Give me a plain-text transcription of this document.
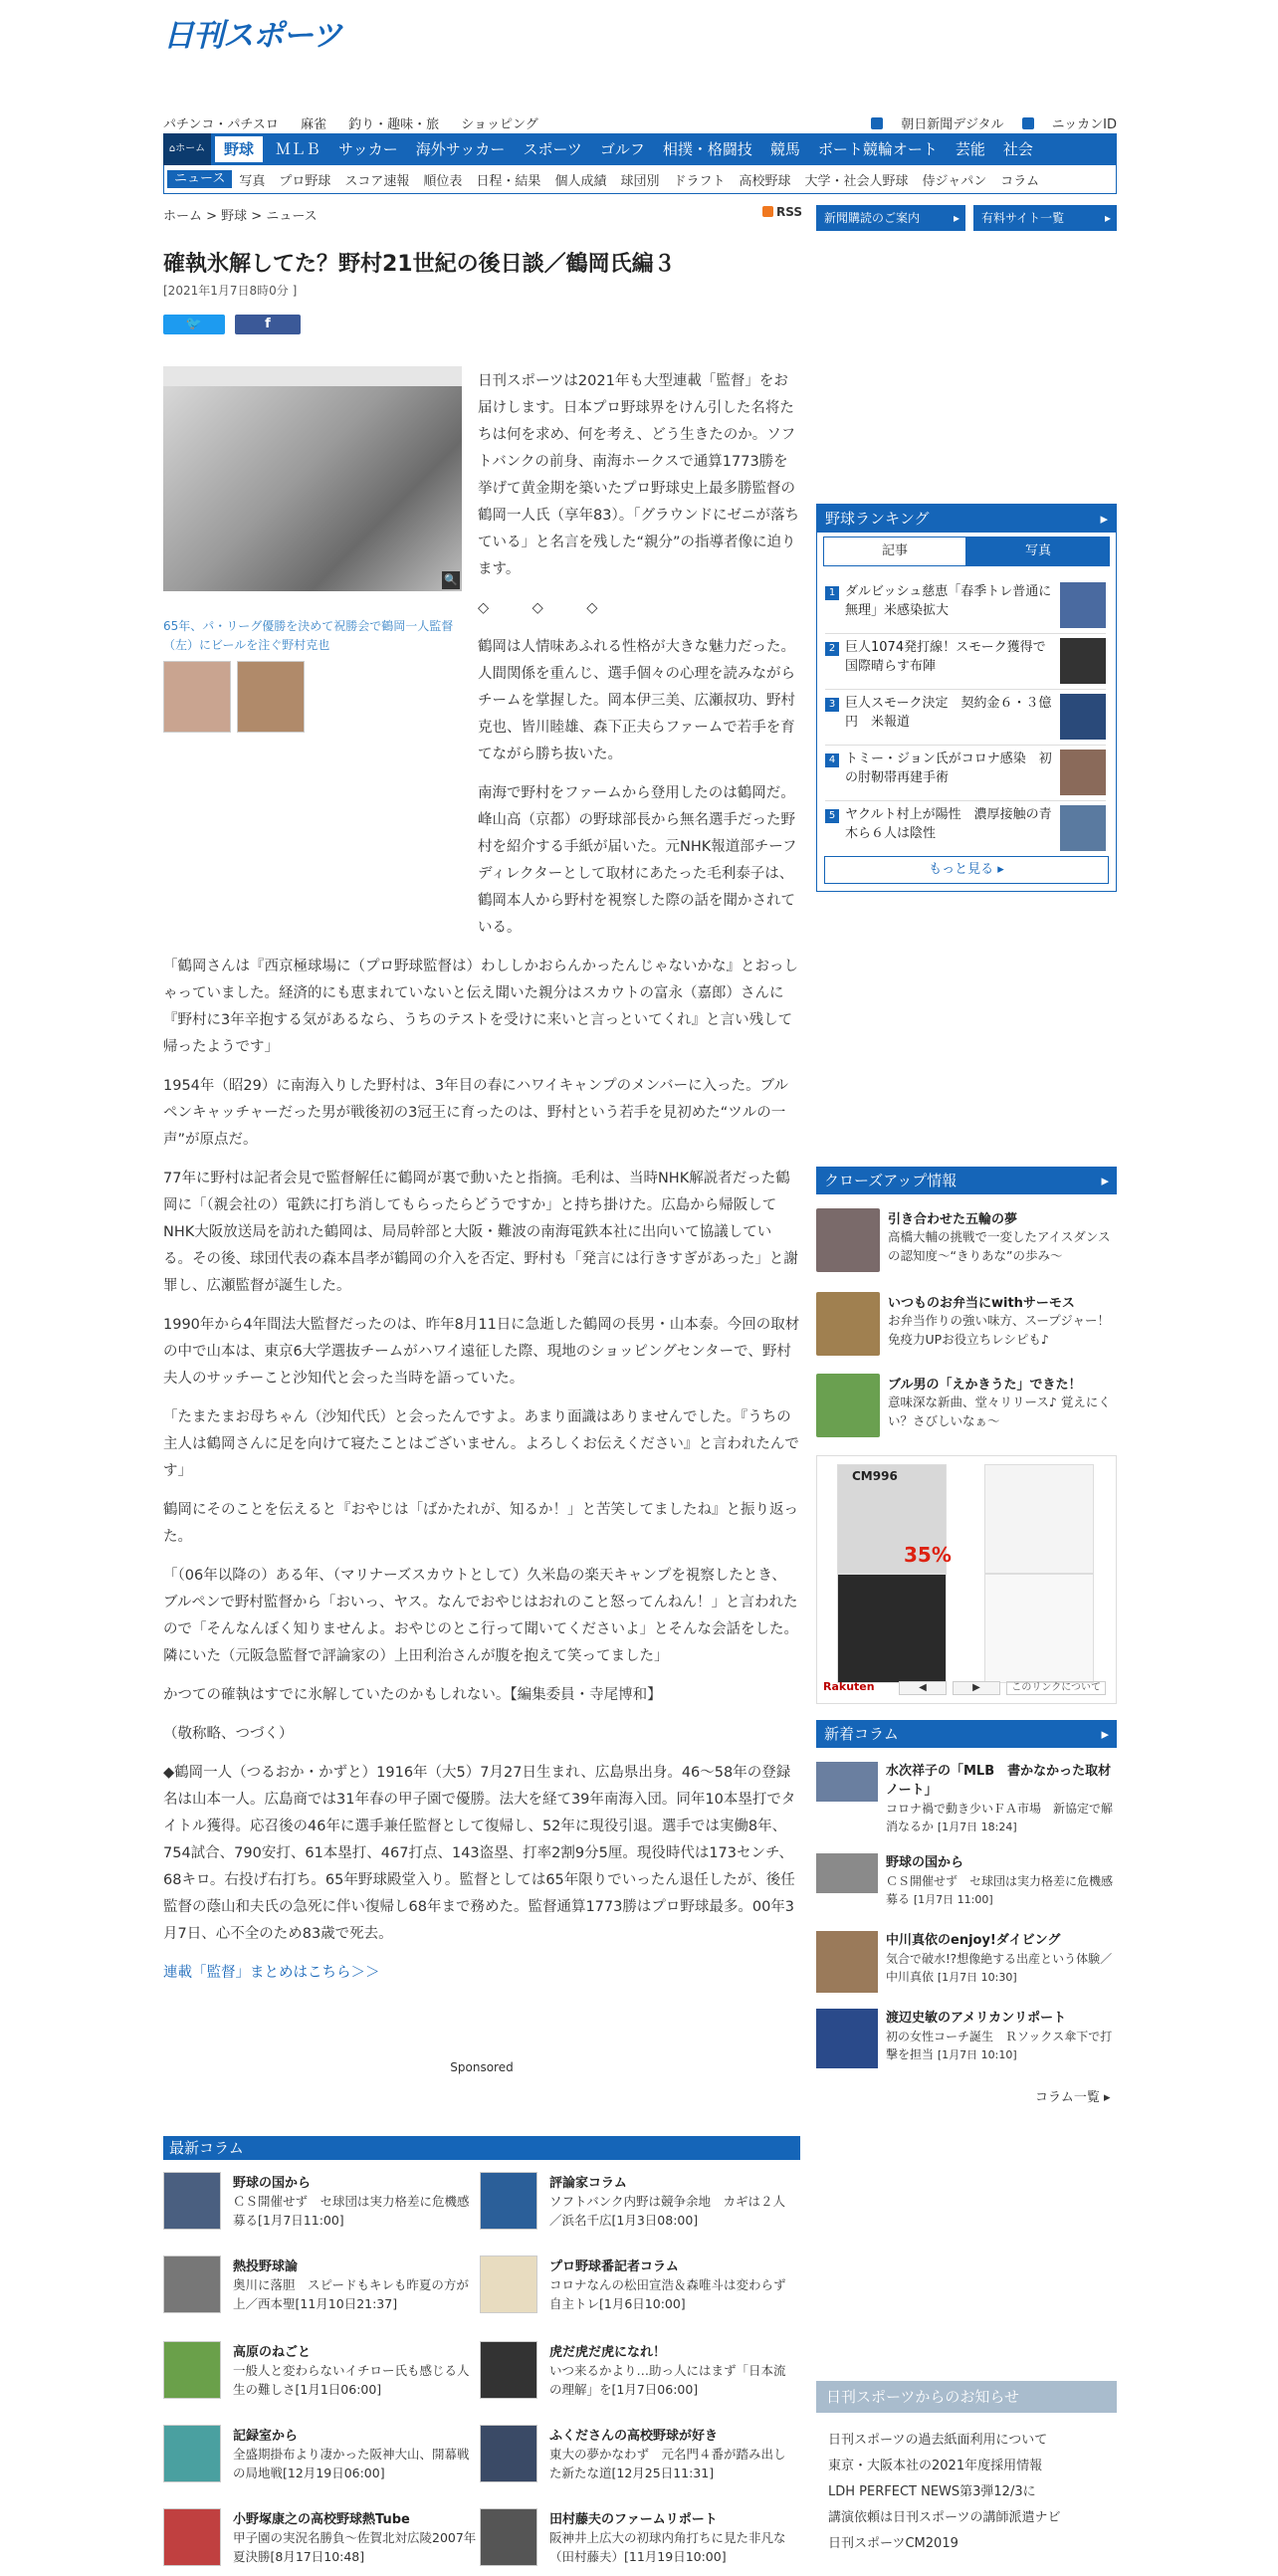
日刊スポーツ
パチンコ・パチスロ 麻雀 釣り・趣味・旅 ショッピング	朝日新聞デジタル	ニッカンID
⌂ホーム	野球	ＭＬＢ	サッカー	海外サッカー	スポーツ	ゴルフ	相撲・格闘技	競馬	ボート競輪オート	芸能	社会
ニュース	写真	プロ野球	スコア速報	順位表	日程・結果	個人成績	球団別	ドラフト	高校野球	大学・社会人野球	侍ジャパン	コラム
ホーム > 野球 > ニュース	RSS
確執氷解してた？野村21世紀の後日談／鶴岡氏編３
[2021年1月7日8時0分 ]
🐦	f
🔍
65年、パ・リーグ優勝を決めて祝勝会で鶴岡一人監督（左）にビールを注ぐ野村克也

日刊スポーツは2021年も大型連載「監督」をお届けします。日本プロ野球界をけん引した名将たちは何を求め、何を考え、どう生きたのか。ソフトバンクの前身、南海ホークスで通算1773勝を挙げて黄金期を築いたプロ野球史上最多勝監督の鶴岡一人氏（享年83）。「グラウンドにゼニが落ちている」と名言を残した“親分”の指導者像に迫ります。

◇　　　◇　　　◇

鶴岡は人情味あふれる性格が大きな魅力だった。人間関係を重んじ、選手個々の心理を読みながらチームを掌握した。岡本伊三美、広瀬叔功、野村克也、皆川睦雄、森下正夫らファームで若手を育てながら勝ち抜いた。

南海で野村をファームから登用したのは鶴岡だ。峰山高（京都）の野球部長から無名選手だった野村を紹介する手紙が届いた。元NHK報道部チーフディレクターとして取材にあたった毛利泰子は、鶴岡本人から野村を視察した際の話を聞かされている。

「鶴岡さんは『西京極球場に（プロ野球監督は）わししかおらんかったんじゃないかな』とおっしゃっていました。経済的にも恵まれていないと伝え聞いた親分はスカウトの富永（嘉郎）さんに『野村に3年辛抱する気があるなら、うちのテストを受けに来いと言っといてくれ』と言い残して帰ったようです」

1954年（昭29）に南海入りした野村は、3年目の春にハワイキャンプのメンバーに入った。ブルペンキャッチャーだった男が戦後初の3冠王に育ったのは、野村という若手を見初めた“ツルの一声”が原点だ。

77年に野村は記者会見で監督解任に鶴岡が裏で動いたと指摘。毛利は、当時NHK解説者だった鶴岡に「（親会社の）電鉄に打ち消してもらったらどうですか」と持ち掛けた。広島から帰阪してNHK大阪放送局を訪れた鶴岡は、局局幹部と大阪・難波の南海電鉄本社に出向いて協議している。その後、球団代表の森本昌孝が鶴岡の介入を否定、野村も「発言には行きすぎがあった」と謝罪し、広瀬監督が誕生した。

1990年から4年間法大監督だったのは、昨年8月11日に急逝した鶴岡の長男・山本泰。今回の取材の中で山本は、東京6大学選抜チームがハワイ遠征した際、現地のショッピングセンターで、野村夫人のサッチーこと沙知代と会った当時を語っていた。

「たまたまお母ちゃん（沙知代氏）と会ったんですよ。あまり面識はありませんでした。『うちの主人は鶴岡さんに足を向けて寝たことはございません。よろしくお伝えください』と言われたんです」

鶴岡にそのことを伝えると『おやじは「ばかたれが、知るか！」と苦笑してましたね』と振り返った。

「（06年以降の）ある年、（マリナーズスカウトとして）久米島の楽天キャンプを視察したとき、ブルペンで野村監督から「おいっ、ヤス。なんでおやじはおれのこと怒ってんねん！」と言われたので「そんなんぼく知りませんよ。おやじのとこ行って聞いてくださいよ」とそんな会話をした。隣にいた（元阪急監督で評論家の）上田利治さんが腹を抱えて笑ってました」

かつての確執はすでに氷解していたのかもしれない。【編集委員・寺尾博和】

（敬称略、つづく）

◆鶴岡一人（つるおか・かずと）1916年（大5）7月27日生まれ、広島県出身。46～58年の登録名は山本一人。広島商では31年春の甲子園で優勝。法大を経て39年南海入団。同年10本塁打でタイトル獲得。応召後の46年に選手兼任監督として復帰し、52年に現役引退。選手では実働8年、754試合、790安打、61本塁打、467打点、143盗塁、打率2割9分5厘。現役時代は173センチ、68キロ。右投げ右打ち。65年野球殿堂入り。監督としては65年限りでいったん退任したが、後任監督の蔭山和夫氏の急死に伴い復帰し68年まで務めた。監督通算1773勝はプロ野球最多。00年3月7日、心不全のため83歳で死去。

連載「監督」まとめはこちら＞＞

Sponsored
最新コラム
野球の国から
ＣＳ開催せず　セ球団は実力格差に危機感募る[1月7日11:00]
評論家コラム
ソフトバンク内野は競争余地　カギは２人／浜名千広[1月3日08:00]
熱投野球論
奥川に落胆　スピードもキレも昨夏の方が上／西本聖[11月10日21:37]
プロ野球番記者コラム
コロナなんの松田宣浩＆森唯斗は変わらず自主トレ[1月6日10:00]
高原のねごと
一般人と変わらないイチロー氏も感じる人生の難しさ[1月1日06:00]
虎だ虎だ虎になれ！
いつ来るかより…助っ人にはまず「日本流の理解」を[1月7日06:00]
記録室から
全盛期掛布より凄かった阪神大山、開幕戦の局地戦[12月19日06:00]
ふくださんの高校野球が好き
東大の夢かなわず　元名門４番が踏み出した新たな道[12月25日11:31]
小野塚康之の高校野球熱Tube
甲子園の実況名勝負～佐賀北対広陵2007年夏決勝[8月17日10:48]
田村藤夫のファームリポート
阪神井上広大の初球内角打ちに見た非凡な（田村藤夫）[11月19日10:00]
新聞購読のご案内 ▸	有料サイト一覧 ▸
野球ランキング ▸
記事	写真
1 ダルビッシュ慈恵「春季トレ普通に無理」米感染拡大
2 巨人1074発打線！スモーク獲得で国際晴らす布陣
3 巨人スモーク決定　契約金６・３億円　米報道
4 トミー・ジョン氏がコロナ感染　初の肘靭帯再建手術
5 ヤクルト村上が陽性　濃厚接触の青木ら６人は陰性
もっと見る ▸
クローズアップ情報 ▸
引き合わせた五輪の夢
高橋大輔の挑戦で一変したアイスダンスの認知度～“きりあな”の歩み～
いつものお弁当にwithサーモス
お弁当作りの強い味方、スープジャー！免疫力UPお役立ちレシピも♪
ブル男の「えかきうた」できた！
意味深な新曲、堂々リリース♪ 覚えにくい？さびしいなぁ～
CM996
35%
Rakuten	◀	▶	このリンクについて
新着コラム ▸
水次祥子の「MLB　書かなかった取材ノート」
コロナ禍で動き少いＦＡ市場　新協定で解消なるか [1月7日 18:24]
野球の国から
ＣＳ開催せず　セ球団は実力格差に危機感募る [1月7日 11:00]
中川真依のenjoy!ダイビング
気合で破水!?想像絶する出産という体験／中川真依 [1月7日 10:30]
渡辺史敏のアメリカンリポート
初の女性コーチ誕生　Ｒソックス傘下で打撃を担当 [1月7日 10:10]
コラム一覧 ▸
日刊スポーツからのお知らせ
日刊スポーツの過去紙面利用について
東京・大阪本社の2021年度採用情報
LDH PERFECT NEWS第3弾12/3に
講演依頼は日刊スポーツの講師派遣ナビ
日刊スポーツCM2019
